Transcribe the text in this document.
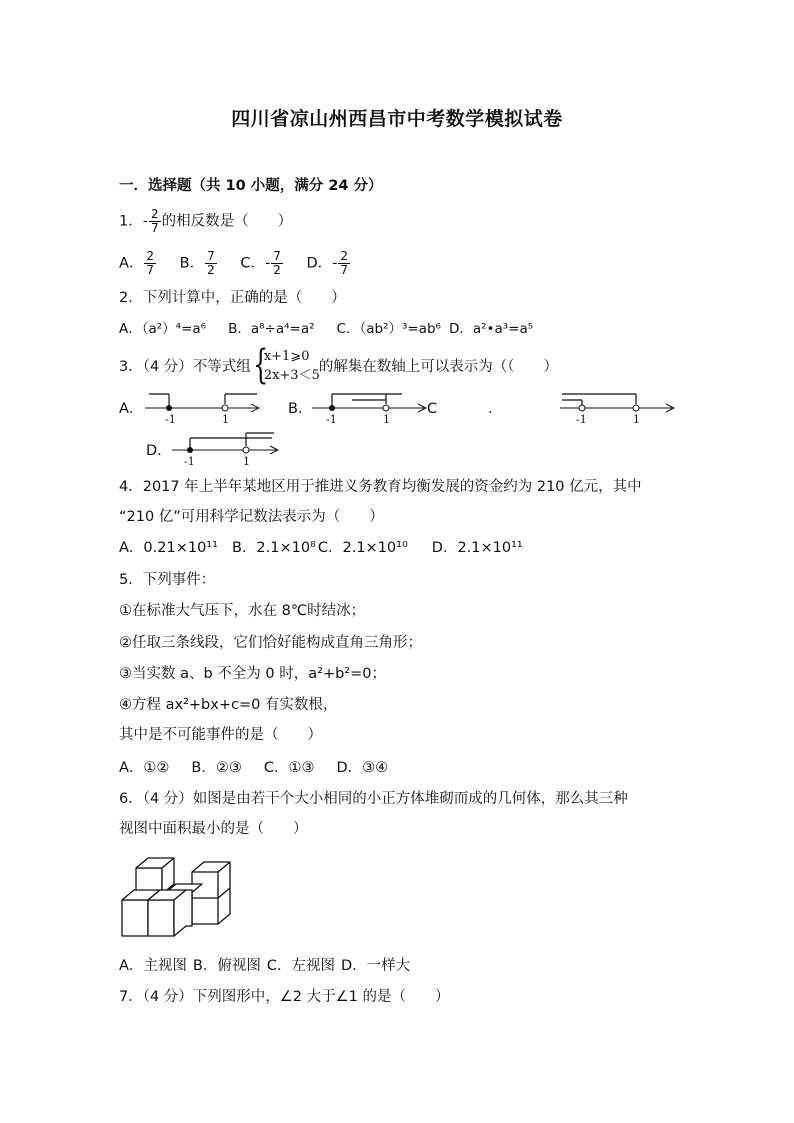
四川省凉山州西昌市中考数学模拟试卷
一．选择题（共 10 小题，满分 24 分）
1．- $\frac{2}{7}$ 的相反数是（　　）
A． $\frac{2}{7}$ B． $\frac{7}{2}$ C．- $\frac{7}{2}$ D．- $\frac{2}{7}$
2．下列计算中，正确的是（　　）
A．（a²）⁴=a⁶ B．a⁸÷a⁴=a² C．（ab²）³=ab⁶ D．a²•a³=a⁵
3．（4 分）不等式组 {
x+1⩾0
2x+3＜5
的解集在数轴上可以表示为（（　　）
A．
-1	1
B．
-1	1
C	．
-1	1
D．
-1	1
4．2017 年上半年某地区用于推进义务教育均衡发展的资金约为 210 亿元，其中
“210 亿”可用科学记数法表示为（　　）
A．0.21×10¹¹ B．2.1×10⁸ C．2.1×10¹⁰ D．2.1×10¹¹
5．下列事件：
①在标准大气压下，水在 8℃时结冰；
②任取三条线段，它们恰好能构成直角三角形；
③当实数 a、b 不全为 0 时，a²+b²=0；
④方程 ax²+bx+c=0 有实数根，
其中是不可能事件的是（　　）
A．①② B．②③ C．①③ D．③④
6．（4 分）如图是由若干个大小相同的小正方体堆砌而成的几何体，那么其三种
视图中面积最小的是（　　）
A．主视图 B．俯视图 C．左视图 D．一样大
7．（4 分）下列图形中，∠2 大于∠1 的是（　　）
